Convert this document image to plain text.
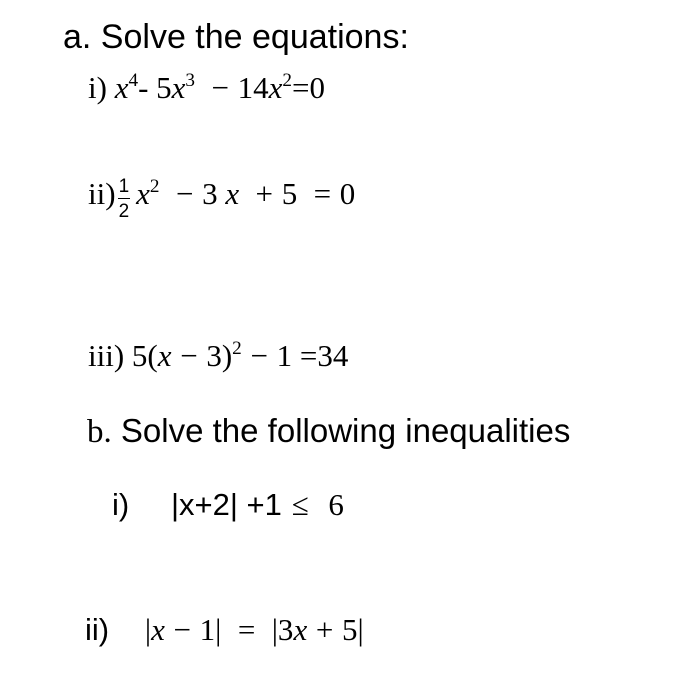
a. Solve the equations:
i) $x^4-$ $5x^3 - 14x^2=0$
$ii) \frac{1}{2} x^2 - 3$ x + 5 = 0
iii) $5(x - 3)^2 - 1 =34$
b. Solve the following inequalities
i) |x+2| +1 ≤ 6
ii) |x − 1| = |3x + 5|
